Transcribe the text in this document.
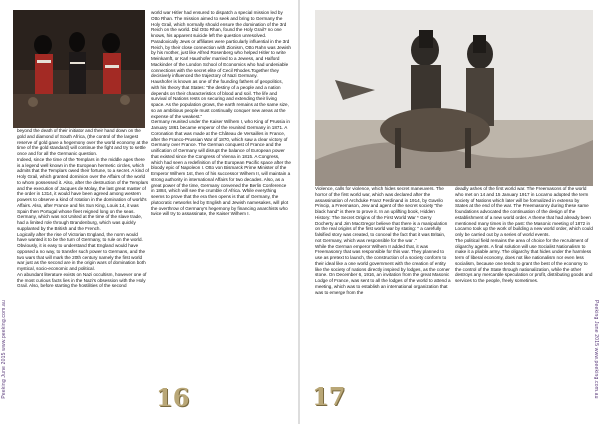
Peeking June 2015 www.peeking.com.au

beyond the death of their initiator and their hand down on the gold and diamond of South Africa, (the control of the largest reserve of gold gave a hegemony over the world economy at the time of the gold standard) will continue the fight and try to settle once and for all the Germanic question.
Indeed, since the time of the Templars in the middle ages there is a legend well known in the European hermetic circles, which admits that the Templars owed their fortune, to a secret. A kind of Holy Grail, which granted dominion over the Affairs of the world to whom possessed it. Also, after the destruction of the Templars and the execution of Jacques de Molay, the last great master of the order in 1314, it would have been agreed among western powers to observe a kind of rotation in the domination of world's Affairs. Also, after France and his Sun King, Louis 14, it was Spain then Portugal whose fleet reigned long on the seas. Germany, which was not United at the time of the slave trade, had a limited role through Brandenburg, which was quickly supplanted by the British and the French.
Logically after the rise of Victorian England, the norm would have wanted it to be the turn of Germany, to rule on the world. Obviously, it is easy to understand that England would have opposed a no way, to transfer such power to Germans, and the two wars that will mark the 20th century namely the first world war just as the second are in the origin wars of domination both mystical, socio-economic and political.
An abundant literature exists on Nazi occultism, however one of the most curious facts lies in the Nazi's obsession with the Holy Grail. Also, before starting the hostilities of the second

world war Hitler had ensured to dispatch a special mission led by Otto Rhan. The mission aimed to seek and bring to Germany the Holy Grail, which normally should ensure the domination of the 3rd Reich on the world. Did Otto Rhan, found the Holy Grail? no one knows, his apparent suicide left the question unresolved. Paradoxically Jews or affiliates were particularly influential in the 3rd Reich, by their close connection with Zionism, Otto Rahn was Jewish by his mother, just like Alfred Rosenberg who helped Hitler to write Meinkamft, or Karl Haushofer married to a Jewess, and Halford Mackinder of the London School of Economics who had undeniable connections with the secret elite of Cecil Rhodes.Together they decisively influenced the trajectory of Nazi Germany.
Haushofer is known as one of the founding fathers of geopolitics, with his theory that States: "the destiny of a people and a nation depends on their characteristics of blood and soil. The life and survival of Nations rests on securing and extending their living space. As the population grows, the earth remains at the same size, so an ambitious people must continually conquer new areas at the expense of the weakest."
Germany reunited under the Kaiser Wilhem I, who King of Prussia in January 1861 became emperor of the reunited Germany in 1871. A Coronation that was made at the Château de Versailles in France, after the Franco-Prussian War of 1870, which saw a clear victory of Germany over France. The German conquest of France and the unification of Germany will disrupt the balance of European power that existed since the Congress of Vienna in 1815. A Congress, which had seen a redefinition of the European Pacific space after the bloody epic of Napoleon I. Otto von Bismarck Prime Minister of the Emperor Wilhem 1st, then of his successor Wilhem II, will maintain a strong authority in international Affairs for two decades. Also, as a great power of the time, Germany convened the Berlin Conference in 1884, which will see the crumble of Africa. While everything seems to prove that the era then opens is that of Germany, the plutocratic networks led by English and Jewish namesakes, will plot the overthrow of Germany's hegemony by financing anarchists who twice will try to assassinate, the Kaiser Wilhem I.

16

Violence, calls for violence, which hides secret maneuvers. The horror of the first world war, which was declared after the assassination of Archduke Franz Ferdinand in 1914, by Gavrilo Princip, a Freemason, Jew and agent of the secret society "the black hand" is there to prove it. In an uplifting book, Hidden History: The Secret Origins of the First World War * Gerry Docherty and Jim MacGregor believe that there is a manipulation on the real origins of the first world war by stating: " a carefully falsified story was created, to conceal the fact that it was Britain, not Germany, which was responsible for the war ."
While the German emperor Wilhem II added that, it was Freemasonry that was responsible for this war. They planned to use as pretext to launch, the construction of a society conform to their ideal like a one world government with the creation of entity like the society of nations directly inspired by lodges, as the corner stone. On December 6, 1916, an invitation from the great Masonic Lodge of France, was sent to all the lodges of the world to attend a meeting, which was to establish an international organization that was to emerge from the

deadly ashes of the first world war. The Freemasons of the world who met on 14 and 15 January 1917 in Locarno adopted the term society of Nations which later will be formalized in extenso by States at the end of the war. The Freemasonry during these same foundations advocated the continuation of the design of the establishment of a new world order. A theme that had already been mentioned many times in the past: the Masonic meeting of 1872 in Locarno took up the work of building a new world order, which could only be carried out by a series of world events.
The political field remains the area of choice for the recruitment of oligarchy agents. A final solution will use Socialist Nationalism to make it a pliable army. The oligarchy that hides under the harmless term of liberal economy, does not like nationalism nor even less socialism, because one tends to grant the best of the economy to the control of the State through nationalization, while the other destroys any mercantile speculation or profit, distributing goods and services to the people, freely sometimes.

17	Peeking June 2015 www.peeking.com.au
